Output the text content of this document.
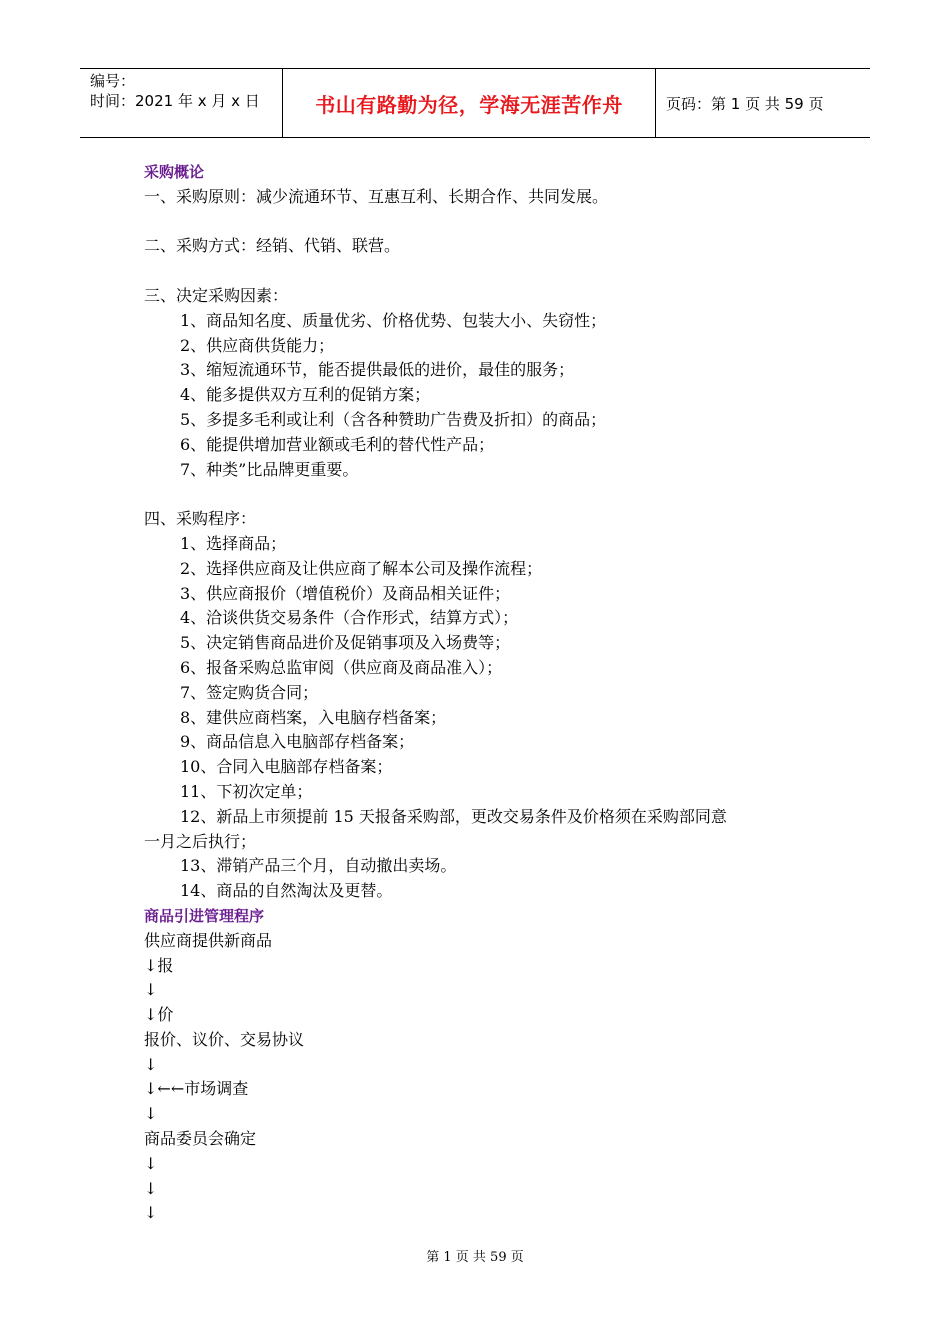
编号：
时间：2021 年 x 月 x 日	书山有路勤为径，学海无涯苦作舟	页码：第 1 页 共 59 页
采购概论
一、采购原则：减少流通环节、互惠互利、长期合作、共同发展。
二、采购方式：经销、代销、联营。
三、决定采购因素：
1、商品知名度、质量优劣、价格优势、包装大小、失窃性；
2、供应商供货能力；
3、缩短流通环节，能否提供最低的进价，最佳的服务；
4、能多提供双方互利的促销方案；
5、多提多毛利或让利（含各种赞助广告费及折扣）的商品；
6、能提供增加营业额或毛利的替代性产品；
7、种类”比品牌更重要。
四、采购程序：
1、选择商品；
2、选择供应商及让供应商了解本公司及操作流程；
3、供应商报价（增值税价）及商品相关证件；
4、洽谈供货交易条件（合作形式，结算方式）；
5、决定销售商品进价及促销事项及入场费等；
6、报备采购总监审阅（供应商及商品准入）；
7、签定购货合同；
8、建供应商档案，入电脑存档备案；
9、商品信息入电脑部存档备案；
10、合同入电脑部存档备案；
11、下初次定单；
12、新品上市须提前 15 天报备采购部，更改交易条件及价格须在采购部同意
一月之后执行；
13、滞销产品三个月，自动撤出卖场。
14、商品的自然淘汰及更替。
商品引进管理程序
供应商提供新商品
↓报
↓
↓价
报价、议价、交易协议
↓
↓←←市场调查
↓
商品委员会确定
↓
↓
↓
第 1 页 共 59 页
